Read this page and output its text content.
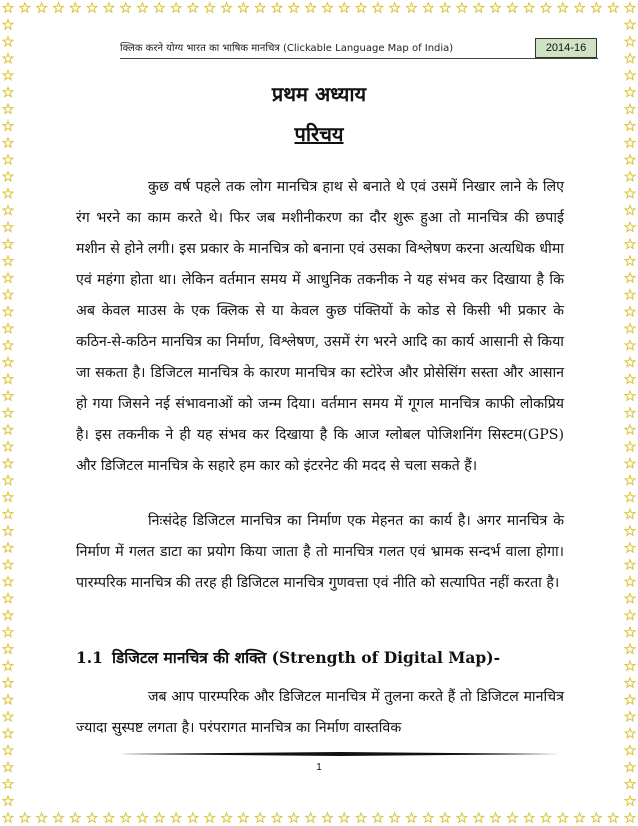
क्लिक करने योग्य भारत का भाषिक मानचित्र (Clickable Language Map of India)	2014-16
प्रथम अध्याय
परिचय
कुछ वर्ष पहले तक लोग मानचित्र हाथ से बनाते थे एवं उसमें निखार लाने के लिए रंग भरने का काम करते थे। फिर जब मशीनीकरण का दौर शुरू हुआ तो मानचित्र की छपाई मशीन से होने लगी। इस प्रकार के मानचित्र को बनाना एवं उसका विश्लेषण करना अत्यधिक धीमा एवं महंगा होता था। लेकिन वर्तमान समय में आधुनिक तकनीक ने यह संभव कर दिखाया है कि अब केवल माउस के एक क्लिक से या केवल कुछ पंक्तियों के कोड से किसी भी प्रकार के कठिन-से-कठिन मानचित्र का निर्माण, विश्लेषण, उसमें रंग भरने आदि का कार्य आसानी से किया जा सकता है। डिजिटल मानचित्र के कारण मानचित्र का स्टोरेज और प्रोसेसिंग सस्ता और आसान हो गया जिसने नई संभावनाओं को जन्म दिया। वर्तमान समय में गूगल मानचित्र काफी लोकप्रिय है। इस तकनीक ने ही यह संभव कर दिखाया है कि आज ग्लोबल पोजिशनिंग सिस्टम(GPS) और डिजिटल मानचित्र के सहारे हम कार को इंटरनेट की मदद से चला सकते हैं।
निःसंदेह डिजिटल मानचित्र का निर्माण एक मेहनत का कार्य है। अगर मानचित्र के निर्माण में गलत डाटा का प्रयोग किया जाता है तो मानचित्र गलत एवं भ्रामक सन्दर्भ वाला होगा। पारम्परिक मानचित्र की तरह ही डिजिटल मानचित्र गुणवत्ता एवं नीति को सत्यापित नहीं करता है।
1.1 डिजिटल मानचित्र की शक्ति (Strength of Digital Map)-
जब आप पारम्परिक और डिजिटल मानचित्र में तुलना करते हैं तो डिजिटल मानचित्र ज्यादा सुस्पष्ट लगता है। परंपरागत मानचित्र का निर्माण वास्तविक
1
